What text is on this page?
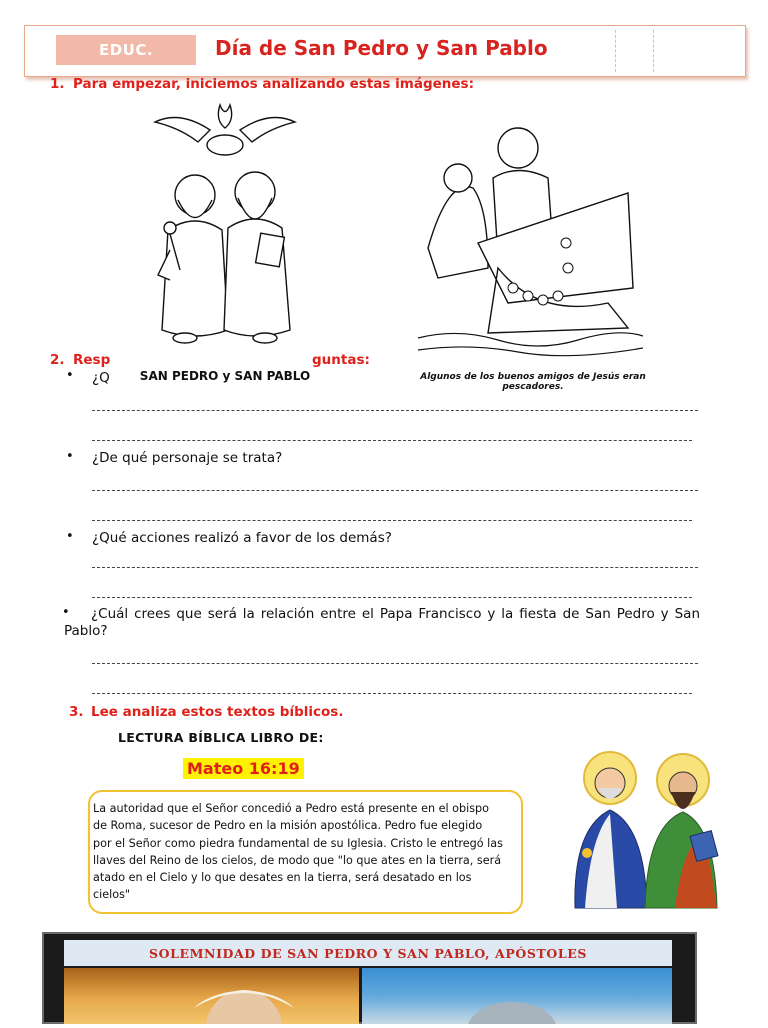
EDUC.	Día de San Pedro y San Pablo
1. Para empezar, iniciemos analizando estas imágenes:
SAN PEDRO y SAN PABLO	Algunos de los buenos amigos de Jesús eran pescadores.
2. Resp	guntas:
• ¿Q
• ¿De qué personaje se trata?
• ¿Qué acciones realizó a favor de los demás?
•	¿Cuál crees que será la relación entre el Papa Francisco y la fiesta de San Pedro y San Pablo?
3. Lee analiza estos textos bíblicos.
LECTURA BÍBLICA LIBRO DE:
Mateo 16:19
La autoridad que el Señor concedió a Pedro está presente en el obispo de Roma, sucesor de Pedro en la misión apostólica. Pedro fue elegido por el Señor como piedra fundamental de su Iglesia. Cristo le entregó las llaves del Reino de los cielos, de modo que "lo que ates en la tierra, será atado en el Cielo y lo que desates en la tierra, será desatado en los cielos"
SOLEMNIDAD DE SAN PEDRO Y SAN PABLO, APÓSTOLES
